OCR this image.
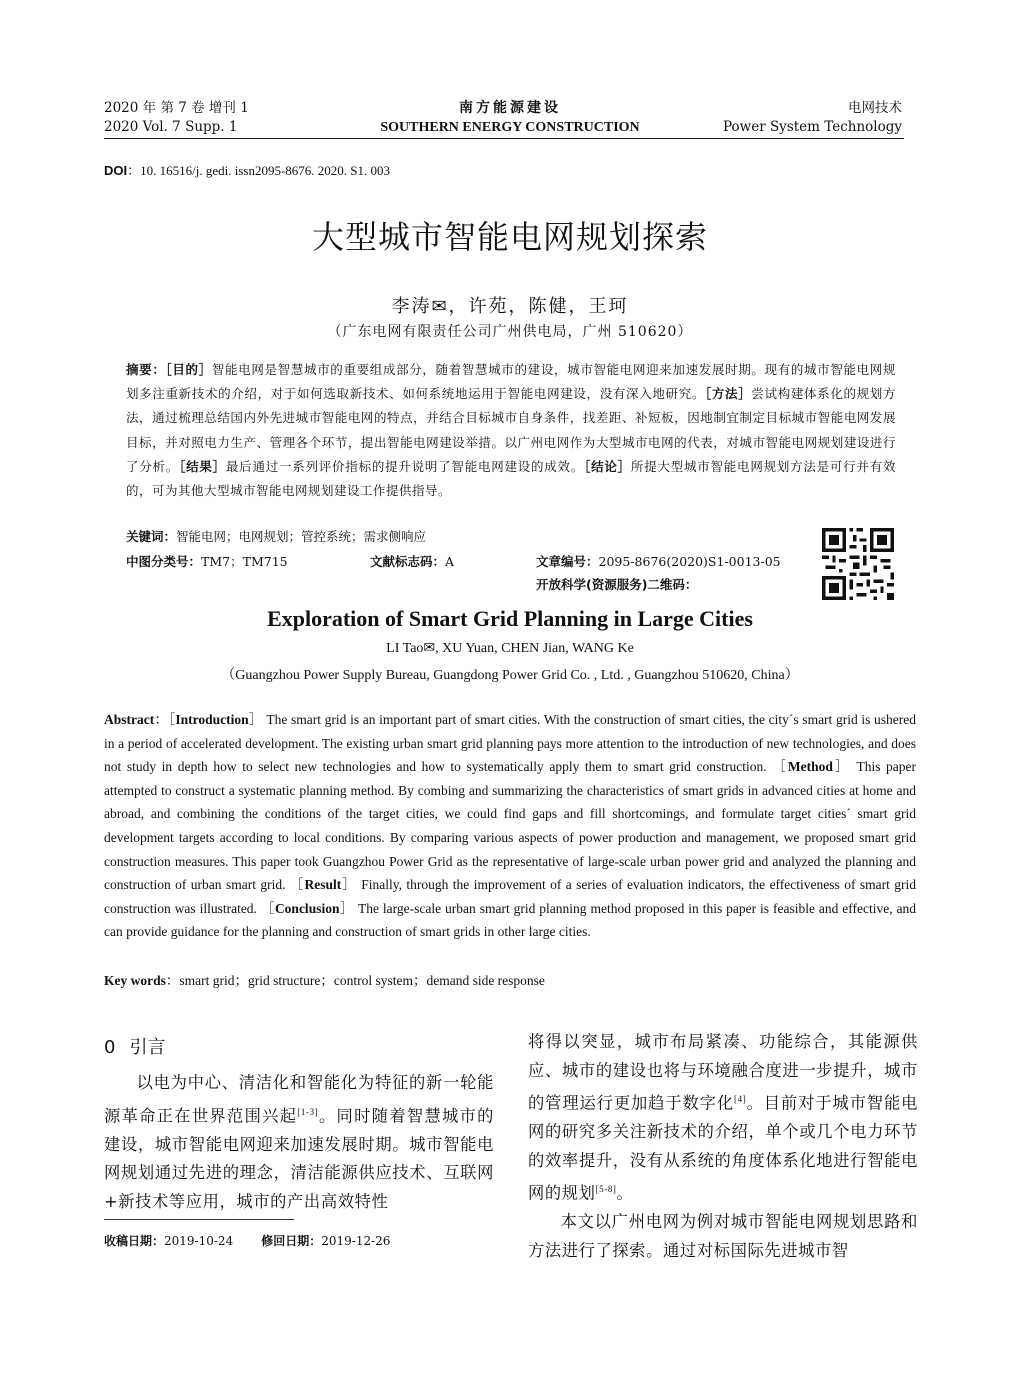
2020 年 第 7 卷 增刊 1
2020 Vol. 7 Supp. 1
南方能源建设
SOUTHERN ENERGY CONSTRUCTION
电网技术
Power System Technology
DOI：10. 16516/j. gedi. issn2095-8676. 2020. S1. 003
大型城市智能电网规划探索
李涛✉，许苑，陈健，王珂
（广东电网有限责任公司广州供电局，广州 510620）
摘要：［目的］智能电网是智慧城市的重要组成部分，随着智慧城市的建设，城市智能电网迎来加速发展时期。现有的城市智能电网规划多注重新技术的介绍，对于如何选取新技术、如何系统地运用于智能电网建设，没有深入地研究。［方法］尝试构建体系化的规划方法，通过梳理总结国内外先进城市智能电网的特点，并结合目标城市自身条件，找差距、补短板，因地制宜制定目标城市智能电网发展目标，并对照电力生产、管理各个环节，提出智能电网建设举措。以广州电网作为大型城市电网的代表，对城市智能电网规划建设进行了分析。［结果］最后通过一系列评价指标的提升说明了智能电网建设的成效。［结论］所提大型城市智能电网规划方法是可行并有效的，可为其他大型城市智能电网规划建设工作提供指导。
关键词：智能电网；电网规划；管控系统；需求侧响应
中图分类号：TM7；TM715	文献标志码：A	文章编号：2095-8676(2020)S1-0013-05
开放科学(资源服务)二维码：
Exploration of Smart Grid Planning in Large Cities
LI Tao✉, XU Yuan, CHEN Jian, WANG Ke
（Guangzhou Power Supply Bureau, Guangdong Power Grid Co. , Ltd. , Guangzhou 510620, China）
Abstract：［Introduction］ The smart grid is an important part of smart cities. With the construction of smart cities, the city´s smart grid is ushered in a period of accelerated development. The existing urban smart grid planning pays more attention to the introduction of new technologies, and does not study in depth how to select new technologies and how to systematically apply them to smart grid construction. ［Method］ This paper attempted to construct a systematic planning method. By combing and summarizing the characteristics of smart grids in advanced cities at home and abroad, and combining the conditions of the target cities, we could find gaps and fill shortcomings, and formulate target cities´ smart grid development targets according to local conditions. By comparing various aspects of power production and management, we proposed smart grid construction measures. This paper took Guangzhou Power Grid as the representative of large-scale urban power grid and analyzed the planning and construction of urban smart grid. ［Result］ Finally, through the improvement of a series of evaluation indicators, the effectiveness of smart grid construction was illustrated. ［Conclusion］ The large-scale urban smart grid planning method proposed in this paper is feasible and effective, and can provide guidance for the planning and construction of smart grids in other large cities.
Key words：smart grid；grid structure；control system；demand side response
0 引言

以电为中心、清洁化和智能化为特征的新一轮能源革命正在世界范围兴起[1-3]。同时随着智慧城市的建设，城市智能电网迎来加速发展时期。城市智能电网规划通过先进的理念，清洁能源供应技术、互联网+新技术等应用，城市的产出高效特性

将得以突显，城市布局紧凑、功能综合，其能源供应、城市的建设也将与环境融合度进一步提升，城市的管理运行更加趋于数字化[4]。目前对于城市智能电网的研究多关注新技术的介绍，单个或几个电力环节的效率提升，没有从系统的角度体系化地进行智能电网的规划[5-8]。

本文以广州电网为例对城市智能电网规划思路和方法进行了探索。通过对标国际先进城市智

收稿日期：2019-10-24 修回日期：2019-12-26
